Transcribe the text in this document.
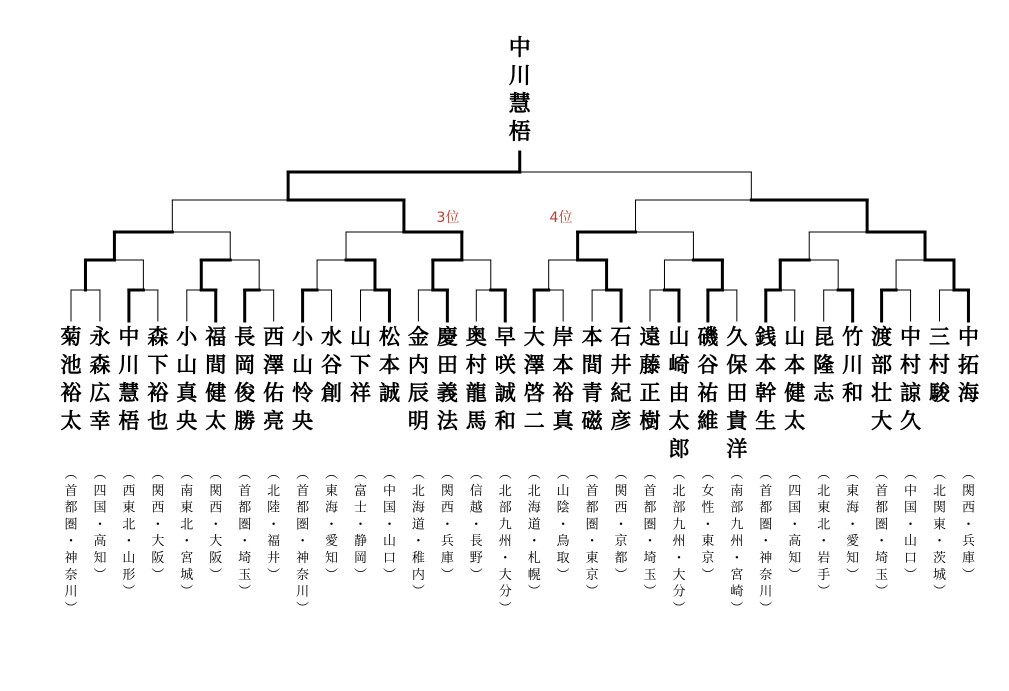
中川慧梧
3位	4位
菊池裕太
永森広幸
中川慧梧
森下裕也
小山真央
福間健太
長岡俊勝
西澤佑亮
小山怜央
水谷創
山下祥
松本誠
金内辰明
慶田義法
奥村龍馬
早咲誠和
大澤啓二
岸本裕真
本間青磁
石井紀彦
遠藤正樹
山崎由太郎
磯谷祐維
久保田貴洋
銭本幹生
山本健太
昆隆志
竹川和
渡部壮大
中村諒久
三村駿
中拓海
︵首都圏・神奈川︶
︵四国・高知︶
︵西東北・山形︶
︵関西・大阪︶
︵南東北・宮城︶
︵関西・大阪︶
︵首都圏・埼玉︶
︵北陸・福井︶
︵首都圏・神奈川︶
︵東海・愛知︶
︵富士・静岡︶
︵中国・山口︶
︵北海道・稚内︶
︵関西・兵庫︶
︵信越・長野︶
︵北部九州・大分︶
︵北海道・札幌︶
︵山陰・鳥取︶
︵首都圏・東京︶
︵関西・京都︶
︵首都圏・埼玉︶
︵北部九州・大分︶
︵女性・東京︶
︵南部九州・宮崎︶
︵首都圏・神奈川︶
︵四国・高知︶
︵北東北・岩手︶
︵東海・愛知︶
︵首都圏・埼玉︶
︵中国・山口︶
︵北関東・茨城︶
︵関西・兵庫︶
